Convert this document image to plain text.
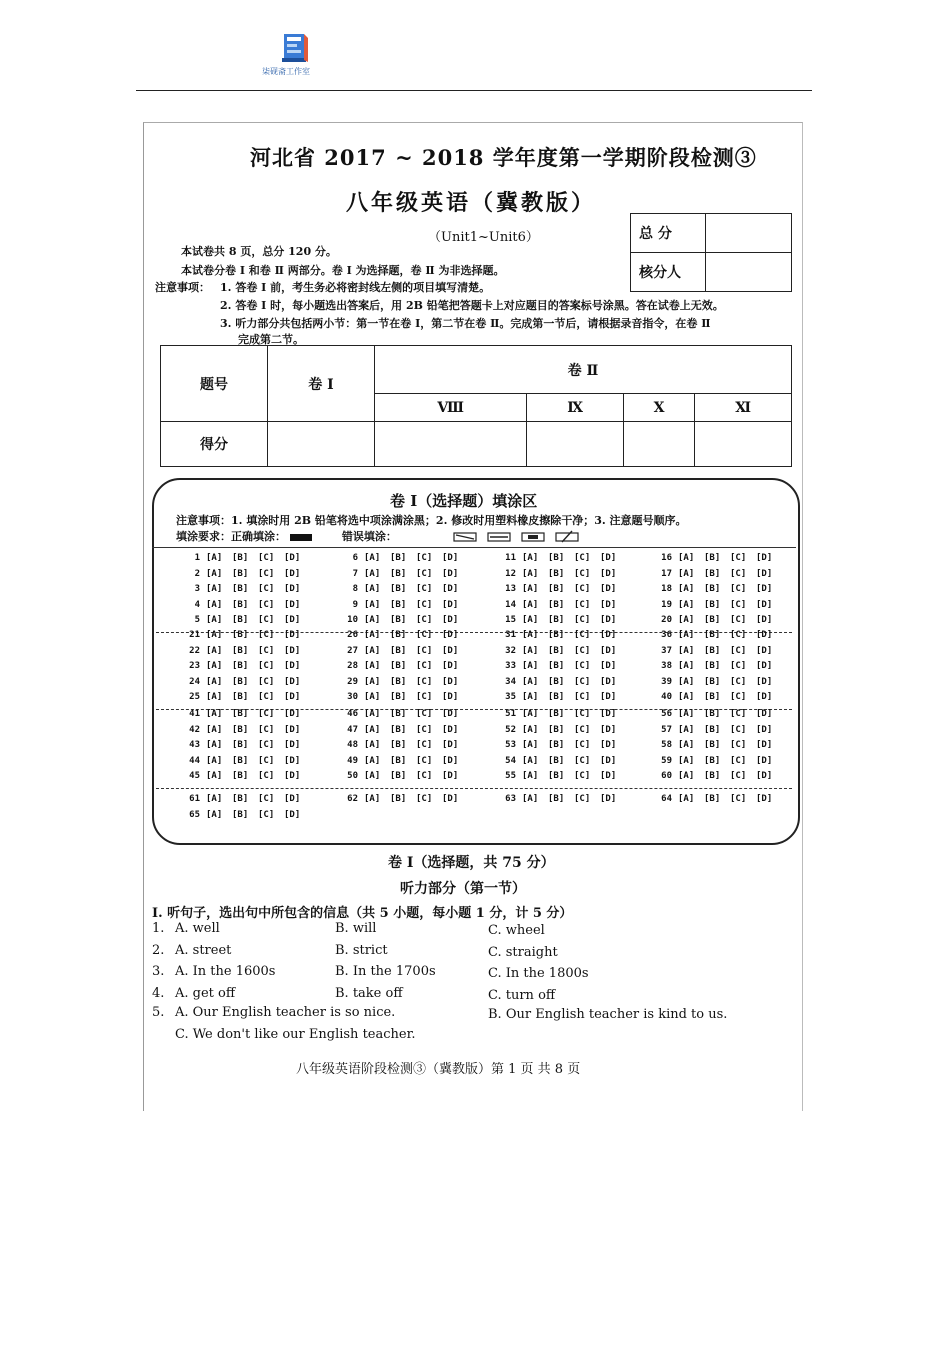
柒砚斋工作室
河北省 2017 ~ 2018 学年度第一学期阶段检测③
八年级英语（冀教版）
（Unit1~Unit6）	总 分	
核分人	
本试卷共 8 页，总分 120 分。
本试卷分卷 Ⅰ 和卷 Ⅱ 两部分。卷 Ⅰ 为选择题，卷 Ⅱ 为非选择题。
注意事项： 1. 答卷 Ⅰ 前，考生务必将密封线左侧的项目填写清楚。
2. 答卷 Ⅰ 时，每小题选出答案后，用 2B 铅笔把答题卡上对应题目的答案标号涂黑。答在试卷上无效。
3. 听力部分共包括两小节：第一节在卷 Ⅰ，第二节在卷 Ⅱ。完成第一节后，请根据录音指令，在卷 Ⅱ
完成第二节。
题号	卷 Ⅰ	卷 Ⅱ			
		Ⅷ	Ⅸ	Ⅹ	Ⅺ
得分					
卷 Ⅰ（选择题）填涂区
注意事项：1. 填涂时用 2B 铅笔将选中项涂满涂黑；2. 修改时用塑料橡皮擦除干净；3. 注意题号顺序。
填涂要求：正确填涂：	错误填涂：
1 [A] [B] [C] [D]	6 [A] [B] [C] [D]	11 [A] [B] [C] [D]	16 [A] [B] [C] [D]
2 [A] [B] [C] [D]	7 [A] [B] [C] [D]	12 [A] [B] [C] [D]	17 [A] [B] [C] [D]
3 [A] [B] [C] [D]	8 [A] [B] [C] [D]	13 [A] [B] [C] [D]	18 [A] [B] [C] [D]
4 [A] [B] [C] [D]	9 [A] [B] [C] [D]	14 [A] [B] [C] [D]	19 [A] [B] [C] [D]
5 [A] [B] [C] [D]	10 [A] [B] [C] [D]	15 [A] [B] [C] [D]	20 [A] [B] [C] [D]
21 [A] [B] [C] [D]	26 [A] [B] [C] [D]	31 [A] [B] [C] [D]	36 [A] [B] [C] [D]
22 [A] [B] [C] [D]	27 [A] [B] [C] [D]	32 [A] [B] [C] [D]	37 [A] [B] [C] [D]
23 [A] [B] [C] [D]	28 [A] [B] [C] [D]	33 [A] [B] [C] [D]	38 [A] [B] [C] [D]
24 [A] [B] [C] [D]	29 [A] [B] [C] [D]	34 [A] [B] [C] [D]	39 [A] [B] [C] [D]
25 [A] [B] [C] [D]	30 [A] [B] [C] [D]	35 [A] [B] [C] [D]	40 [A] [B] [C] [D]
41 [A] [B] [C] [D]	46 [A] [B] [C] [D]	51 [A] [B] [C] [D]	56 [A] [B] [C] [D]
42 [A] [B] [C] [D]	47 [A] [B] [C] [D]	52 [A] [B] [C] [D]	57 [A] [B] [C] [D]
43 [A] [B] [C] [D]	48 [A] [B] [C] [D]	53 [A] [B] [C] [D]	58 [A] [B] [C] [D]
44 [A] [B] [C] [D]	49 [A] [B] [C] [D]	54 [A] [B] [C] [D]	59 [A] [B] [C] [D]
45 [A] [B] [C] [D]	50 [A] [B] [C] [D]	55 [A] [B] [C] [D]	60 [A] [B] [C] [D]
61 [A] [B] [C] [D]	62 [A] [B] [C] [D]	63 [A] [B] [C] [D]	64 [A] [B] [C] [D]
65 [A] [B] [C] [D]
卷 Ⅰ（选择题，共 75 分）
听力部分（第一节）
Ⅰ. 听句子，选出句中所包含的信息（共 5 小题，每小题 1 分，计 5 分）
1. A. well	B. will	C. wheel
2. A. street	B. strict	C. straight
3. A. In the 1600s	B. In the 1700s	C. In the 1800s
4. A. get off	B. take off	C. turn off
5. A. Our English teacher is so nice.	B. Our English teacher is kind to us.
C. We don't like our English teacher.
八年级英语阶段检测③（冀教版）第 1 页 共 8 页
